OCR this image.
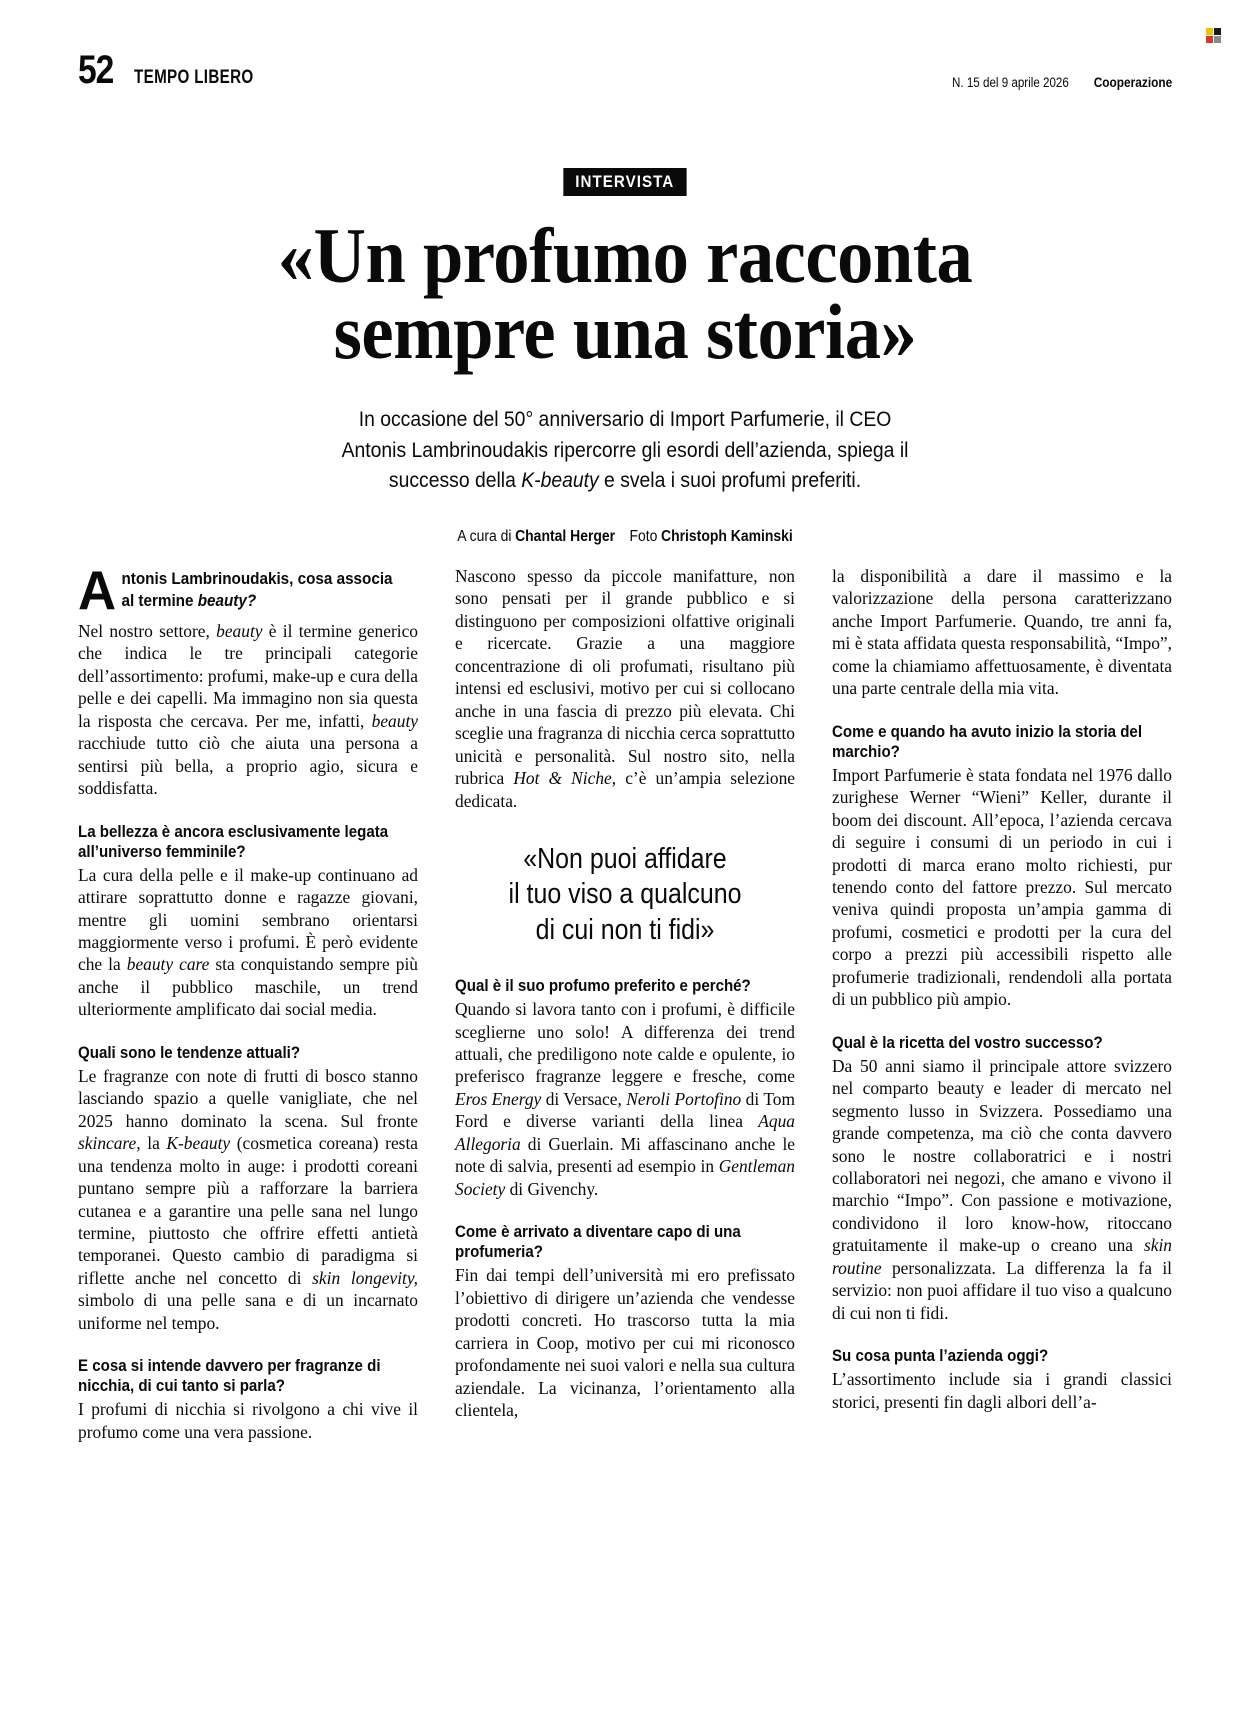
52 TEMPO LIBERO	N. 15 del 9 aprile 2026 Cooperazione
INTERVISTA
«Un profumo racconta
sempre una storia»
In occasione del 50° anniversario di Import Parfumerie, il CEO Antonis Lambrinoudakis ripercorre gli esordi dell’azienda, spiega il successo della K-beauty e svela i suoi profumi preferiti.
A cura di Chantal Herger Foto Christoph Kaminski
A ntonis Lambrinoudakis, cosa associa al termine beauty?

Nel nostro settore, beauty è il termine generico che indica le tre principali categorie dell’assortimento: profumi, make-up e cura della pelle e dei capelli. Ma immagino non sia questa la risposta che cercava. Per me, infatti, beauty racchiude tutto ciò che aiuta una persona a sentirsi più bella, a proprio agio, sicura e soddisfatta.

La bellezza è ancora esclusivamente legata all’universo femminile?

La cura della pelle e il make-up continuano ad attirare soprattutto donne e ragazze giovani, mentre gli uomini sembrano orientarsi maggiormente verso i profumi. È però evidente che la beauty care sta conquistando sempre più anche il pubblico maschile, un trend ulteriormente amplificato dai social media.

Quali sono le tendenze attuali?

Le fragranze con note di frutti di bosco stanno lasciando spazio a quelle vanigliate, che nel 2025 hanno dominato la scena. Sul fronte skincare, la K-beauty (cosmetica coreana) resta una tendenza molto in auge: i prodotti coreani puntano sempre più a rafforzare la barriera cutanea e a garantire una pelle sana nel lungo termine, piuttosto che offrire effetti antietà temporanei. Questo cambio di paradigma si riflette anche nel concetto di skin longevity, simbolo di una pelle sana e di un incarnato uniforme nel tempo.

E cosa si intende davvero per fragranze di nicchia, di cui tanto si parla?

I profumi di nicchia si rivolgono a chi vive il profumo come una vera passione.

Nascono spesso da piccole manifatture, non sono pensati per il grande pubblico e si distinguono per composizioni olfattive originali e ricercate. Grazie a una maggiore concentrazione di oli profumati, risultano più intensi ed esclusivi, motivo per cui si collocano anche in una fascia di prezzo più elevata. Chi sceglie una fragranza di nicchia cerca soprattutto unicità e personalità. Sul nostro sito, nella rubrica Hot & Niche, c’è un’ampia selezione dedicata.

«Non puoi affidare
il tuo viso a qualcuno
di cui non ti fidi»
Qual è il suo profumo preferito e perché?

Quando si lavora tanto con i profumi, è difficile sceglierne uno solo! A differenza dei trend attuali, che prediligono note calde e opulente, io preferisco fragranze leggere e fresche, come Eros Energy di Versace, Neroli Portofino di Tom Ford e diverse varianti della linea Aqua Allegoria di Guerlain. Mi affascinano anche le note di salvia, presenti ad esempio in Gentleman Society di Givenchy.

Come è arrivato a diventare capo di una profumeria?

Fin dai tempi dell’università mi ero prefissato l’obiettivo di dirigere un’azienda che vendesse prodotti concreti. Ho trascorso tutta la mia carriera in Coop, motivo per cui mi riconosco profondamente nei suoi valori e nella sua cultura aziendale. La vicinanza, l’orientamento alla clientela,

la disponibilità a dare il massimo e la valorizzazione della persona caratterizzano anche Import Parfumerie. Quando, tre anni fa, mi è stata affidata questa responsabilità, “Impo”, come la chiamiamo affettuosamente, è diventata una parte centrale della mia vita.

Come e quando ha avuto inizio la storia del marchio?

Import Parfumerie è stata fondata nel 1976 dallo zurighese Werner “Wieni” Keller, durante il boom dei discount. All’epoca, l’azienda cercava di seguire i consumi di un periodo in cui i prodotti di marca erano molto richiesti, pur tenendo conto del fattore prezzo. Sul mercato veniva quindi proposta un’ampia gamma di profumi, cosmetici e prodotti per la cura del corpo a prezzi più accessibili rispetto alle profumerie tradizionali, rendendoli alla portata di un pubblico più ampio.

Qual è la ricetta del vostro successo?

Da 50 anni siamo il principale attore svizzero nel comparto beauty e leader di mercato nel segmento lusso in Svizzera. Possediamo una grande competenza, ma ciò che conta davvero sono le nostre collaboratrici e i nostri collaboratori nei negozi, che amano e vivono il marchio “Impo”. Con passione e motivazione, condividono il loro know-how, ritoccano gratuitamente il make-up o creano una skin routine personalizzata. La differenza la fa il servizio: non puoi affidare il tuo viso a qualcuno di cui non ti fidi.

Su cosa punta l’azienda oggi?

L’assortimento include sia i grandi classici storici, presenti fin dagli albori dell’a-
